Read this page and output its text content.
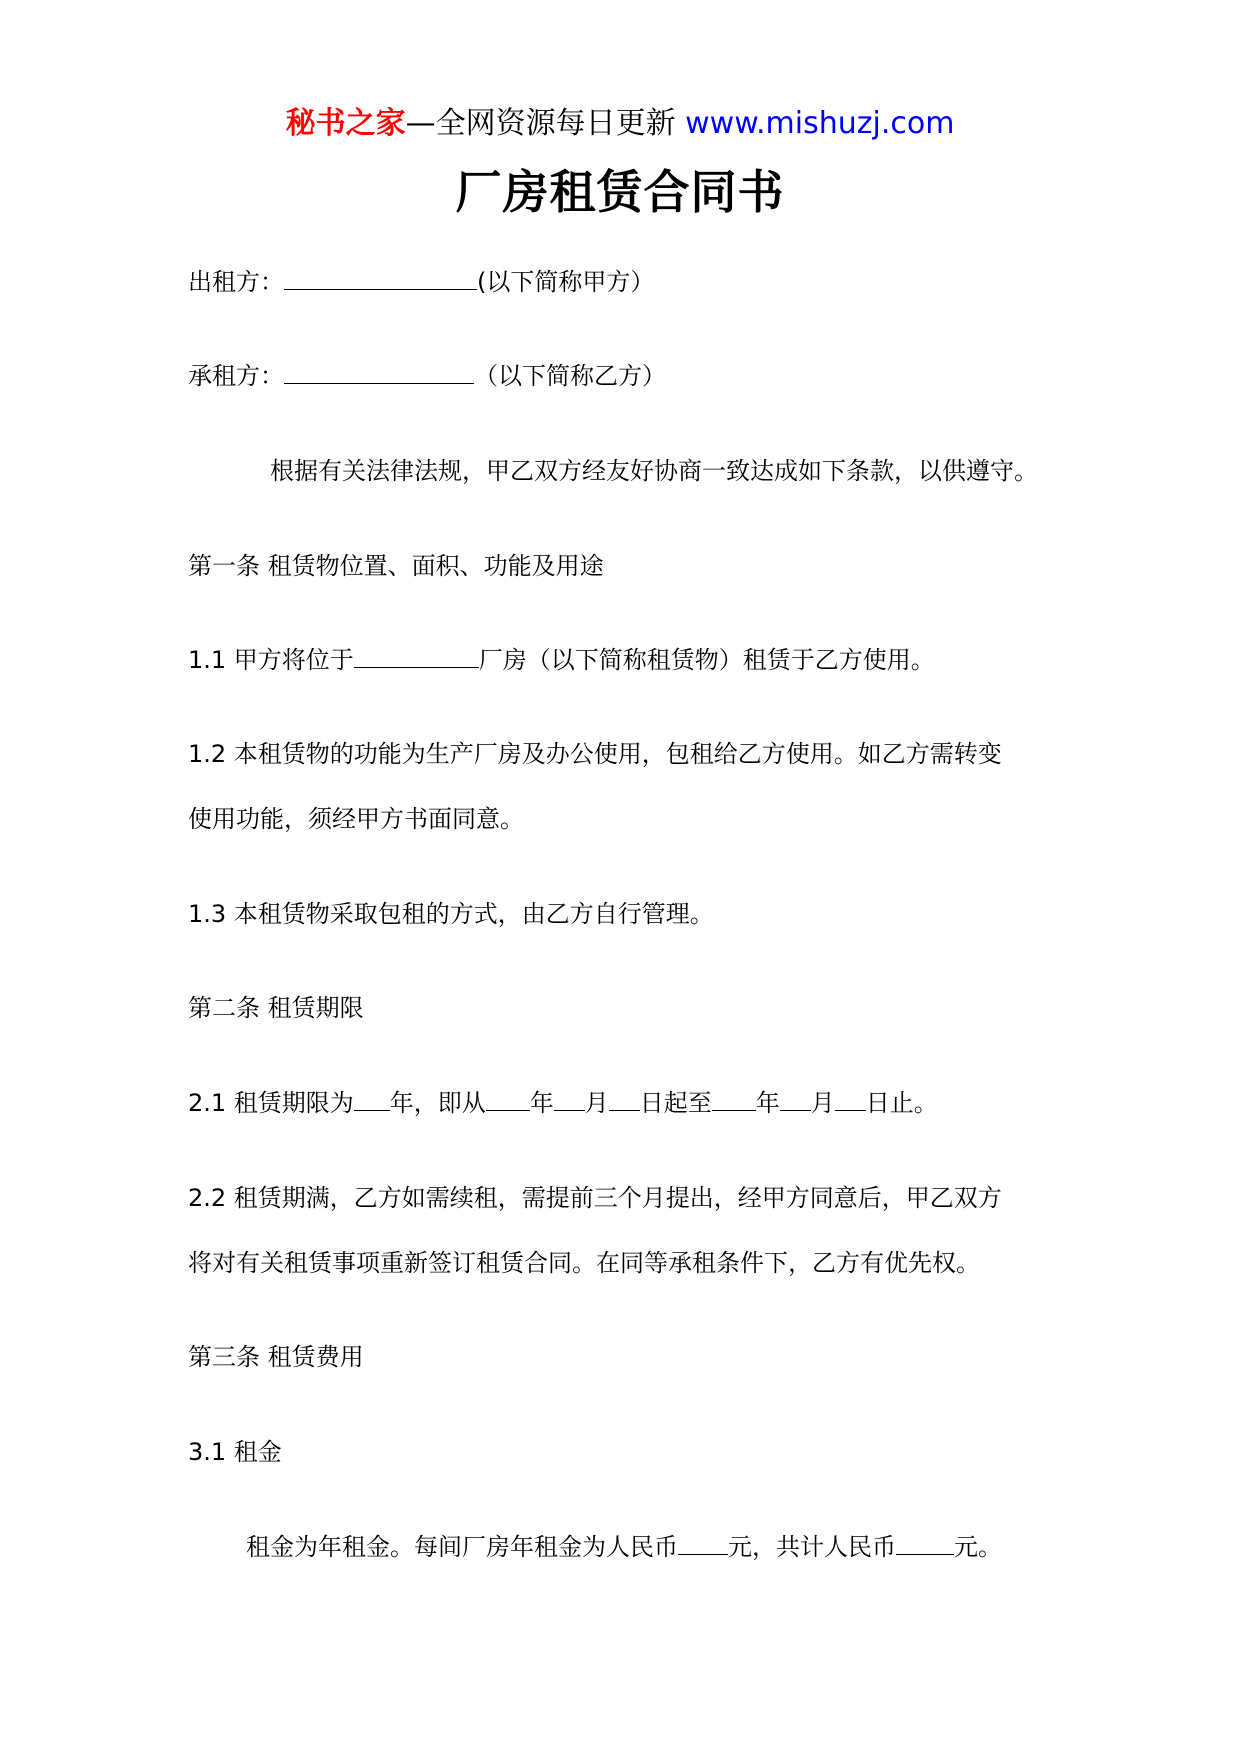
秘书之家—全网资源每日更新 www.mishuzj.com
厂房租赁合同书
出租方：	(以下简称甲方）
承租方：	（以下简称乙方）
根据有关法律法规，甲乙双方经友好协商一致达成如下条款，以供遵守。
第一条 租赁物位置、面积、功能及用途
1.1 甲方将位于	厂房（以下简称租赁物）租赁于乙方使用。
1.2 本租赁物的功能为生产厂房及办公使用，包租给乙方使用。如乙方需转变
使用功能，须经甲方书面同意。
1.3 本租赁物采取包租的方式，由乙方自行管理。
第二条 租赁期限
2.1 租赁期限为 年，即从 年 月 日起至 年 月 日止。
2.2 租赁期满，乙方如需续租，需提前三个月提出，经甲方同意后，甲乙双方
将对有关租赁事项重新签订租赁合同。在同等承租条件下，乙方有优先权。
第三条 租赁费用
3.1 租金
租金为年租金。每间厂房年租金为人民币 元，共计人民币 元。
